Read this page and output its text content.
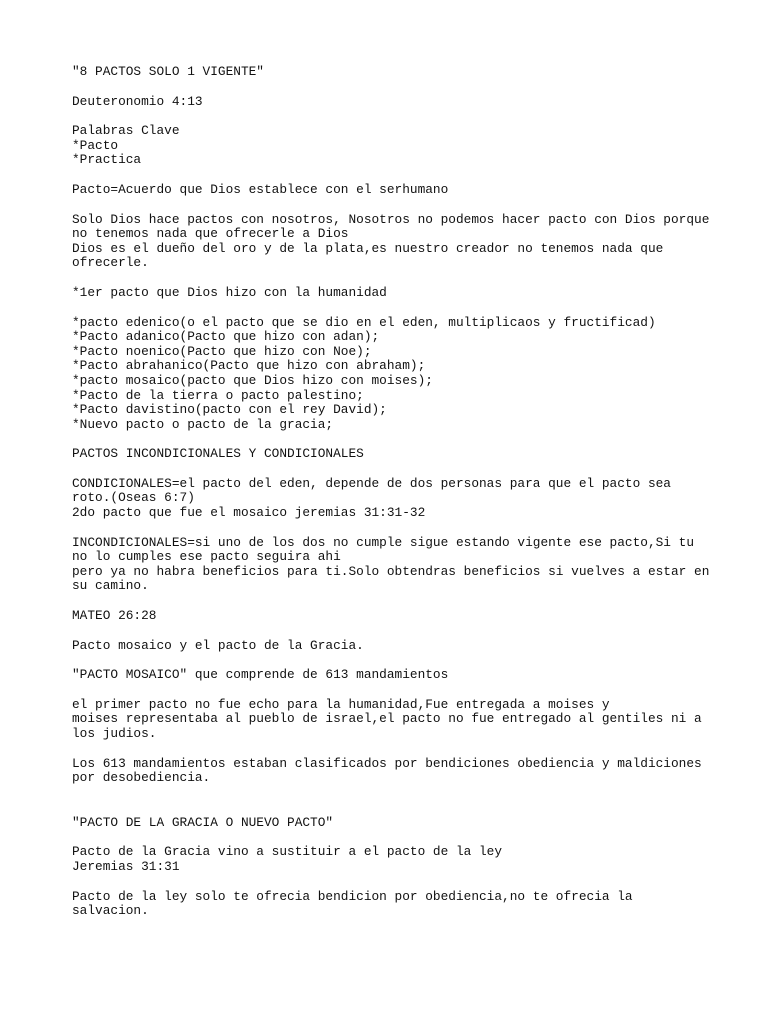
"8 PACTOS SOLO 1 VIGENTE"
Deuteronomio 4:13
Palabras Clave
*Pacto
*Practica
Pacto=Acuerdo que Dios establece con el serhumano
Solo Dios hace pactos con nosotros, Nosotros no podemos hacer pacto con Dios porque
no tenemos nada que ofrecerle a Dios
Dios es el dueño del oro y de la plata,es nuestro creador no tenemos nada que
ofrecerle.
*1er pacto que Dios hizo con la humanidad
*pacto edenico(o el pacto que se dio en el eden, multiplicaos y fructificad)
*Pacto adanico(Pacto que hizo con adan);
*Pacto noenico(Pacto que hizo con Noe);
*Pacto abrahanico(Pacto que hizo con abraham);
*pacto mosaico(pacto que Dios hizo con moises);
*Pacto de la tierra o pacto palestino;
*Pacto davistino(pacto con el rey David);
*Nuevo pacto o pacto de la gracia;
PACTOS INCONDICIONALES Y CONDICIONALES
CONDICIONALES=el pacto del eden, depende de dos personas para que el pacto sea
roto.(Oseas 6:7)
2do pacto que fue el mosaico jeremias 31:31-32
INCONDICIONALES=si uno de los dos no cumple sigue estando vigente ese pacto,Si tu
no lo cumples ese pacto seguira ahi
pero ya no habra beneficios para ti.Solo obtendras beneficios si vuelves a estar en
su camino.
MATEO 26:28
Pacto mosaico y el pacto de la Gracia.
"PACTO MOSAICO" que comprende de 613 mandamientos
el primer pacto no fue echo para la humanidad,Fue entregada a moises y
moises representaba al pueblo de israel,el pacto no fue entregado al gentiles ni a
los judios.
Los 613 mandamientos estaban clasificados por bendiciones obediencia y maldiciones
por desobediencia.
"PACTO DE LA GRACIA O NUEVO PACTO"
Pacto de la Gracia vino a sustituir a el pacto de la ley
Jeremias 31:31
Pacto de la ley solo te ofrecia bendicion por obediencia,no te ofrecia la
salvacion.
